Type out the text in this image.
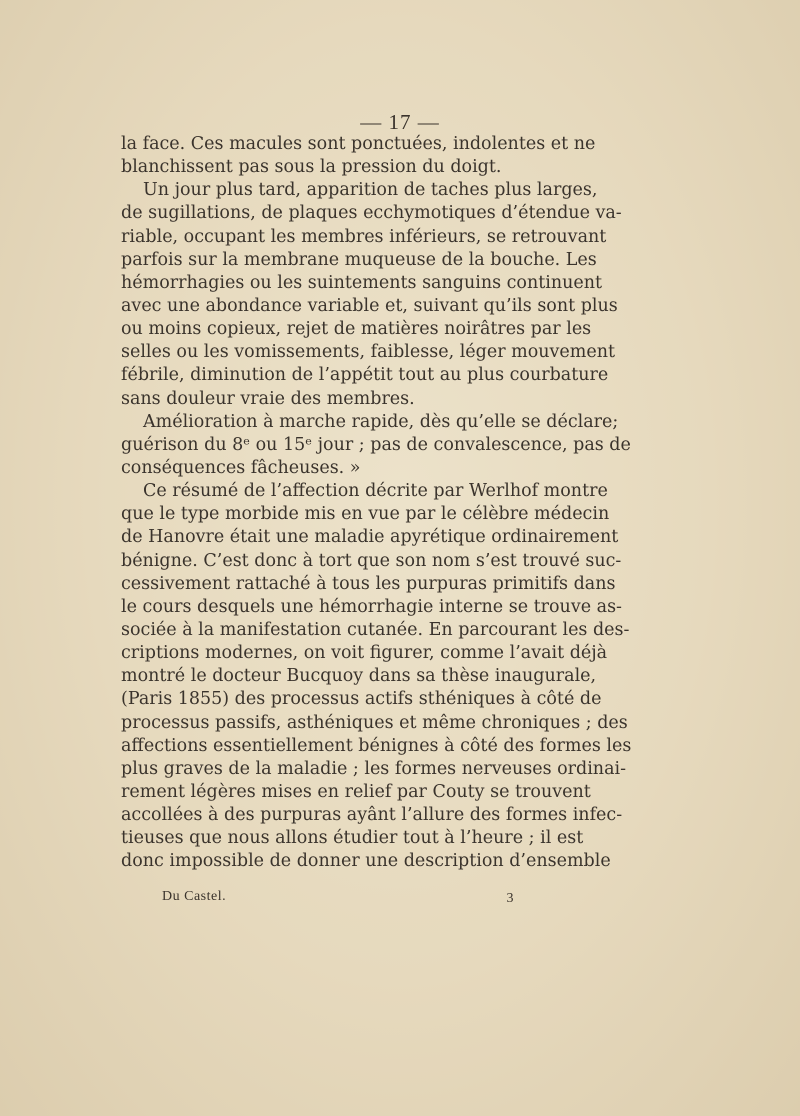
— 17 —
la face. Ces macules sont ponctuées, indolentes et ne
blanchissent pas sous la pression du doigt.
Un jour plus tard, apparition de taches plus larges,
de sugillations, de plaques ecchymotiques d’étendue va-
riable, occupant les membres inférieurs, se retrouvant
parfois sur la membrane muqueuse de la bouche. Les
hémorrhagies ou les suintements sanguins continuent
avec une abondance variable et, suivant qu’ils sont plus
ou moins copieux, rejet de matières noirâtres par les
selles ou les vomissements, faiblesse, léger mouvement
fébrile, diminution de l’appétit tout au plus courbature
sans douleur vraie des membres.
Amélioration à marche rapide, dès qu’elle se déclare;
guérison du 8ᵉ ou 15ᵉ jour ; pas de convalescence, pas de
conséquences fâcheuses. »
Ce résumé de l’affection décrite par Werlhof montre
que le type morbide mis en vue par le célèbre médecin
de Hanovre était une maladie apyrétique ordinairement
bénigne. C’est donc à tort que son nom s’est trouvé suc-
cessivement rattaché à tous les purpuras primitifs dans
le cours desquels une hémorrhagie interne se trouve as-
sociée à la manifestation cutanée. En parcourant les des-
criptions modernes, on voit figurer, comme l’avait déjà
montré le docteur Bucquoy dans sa thèse inaugurale,
(Paris 1855) des processus actifs sthéniques à côté de
processus passifs, asthéniques et même chroniques ; des
affections essentiellement bénignes à côté des formes les
plus graves de la maladie ; les formes nerveuses ordinai-
rement légères mises en relief par Couty se trouvent
accollées à des purpuras ayânt l’allure des formes infec-
tieuses que nous allons étudier tout à l’heure ; il est
donc impossible de donner une description d’ensemble
Du Castel.	3
